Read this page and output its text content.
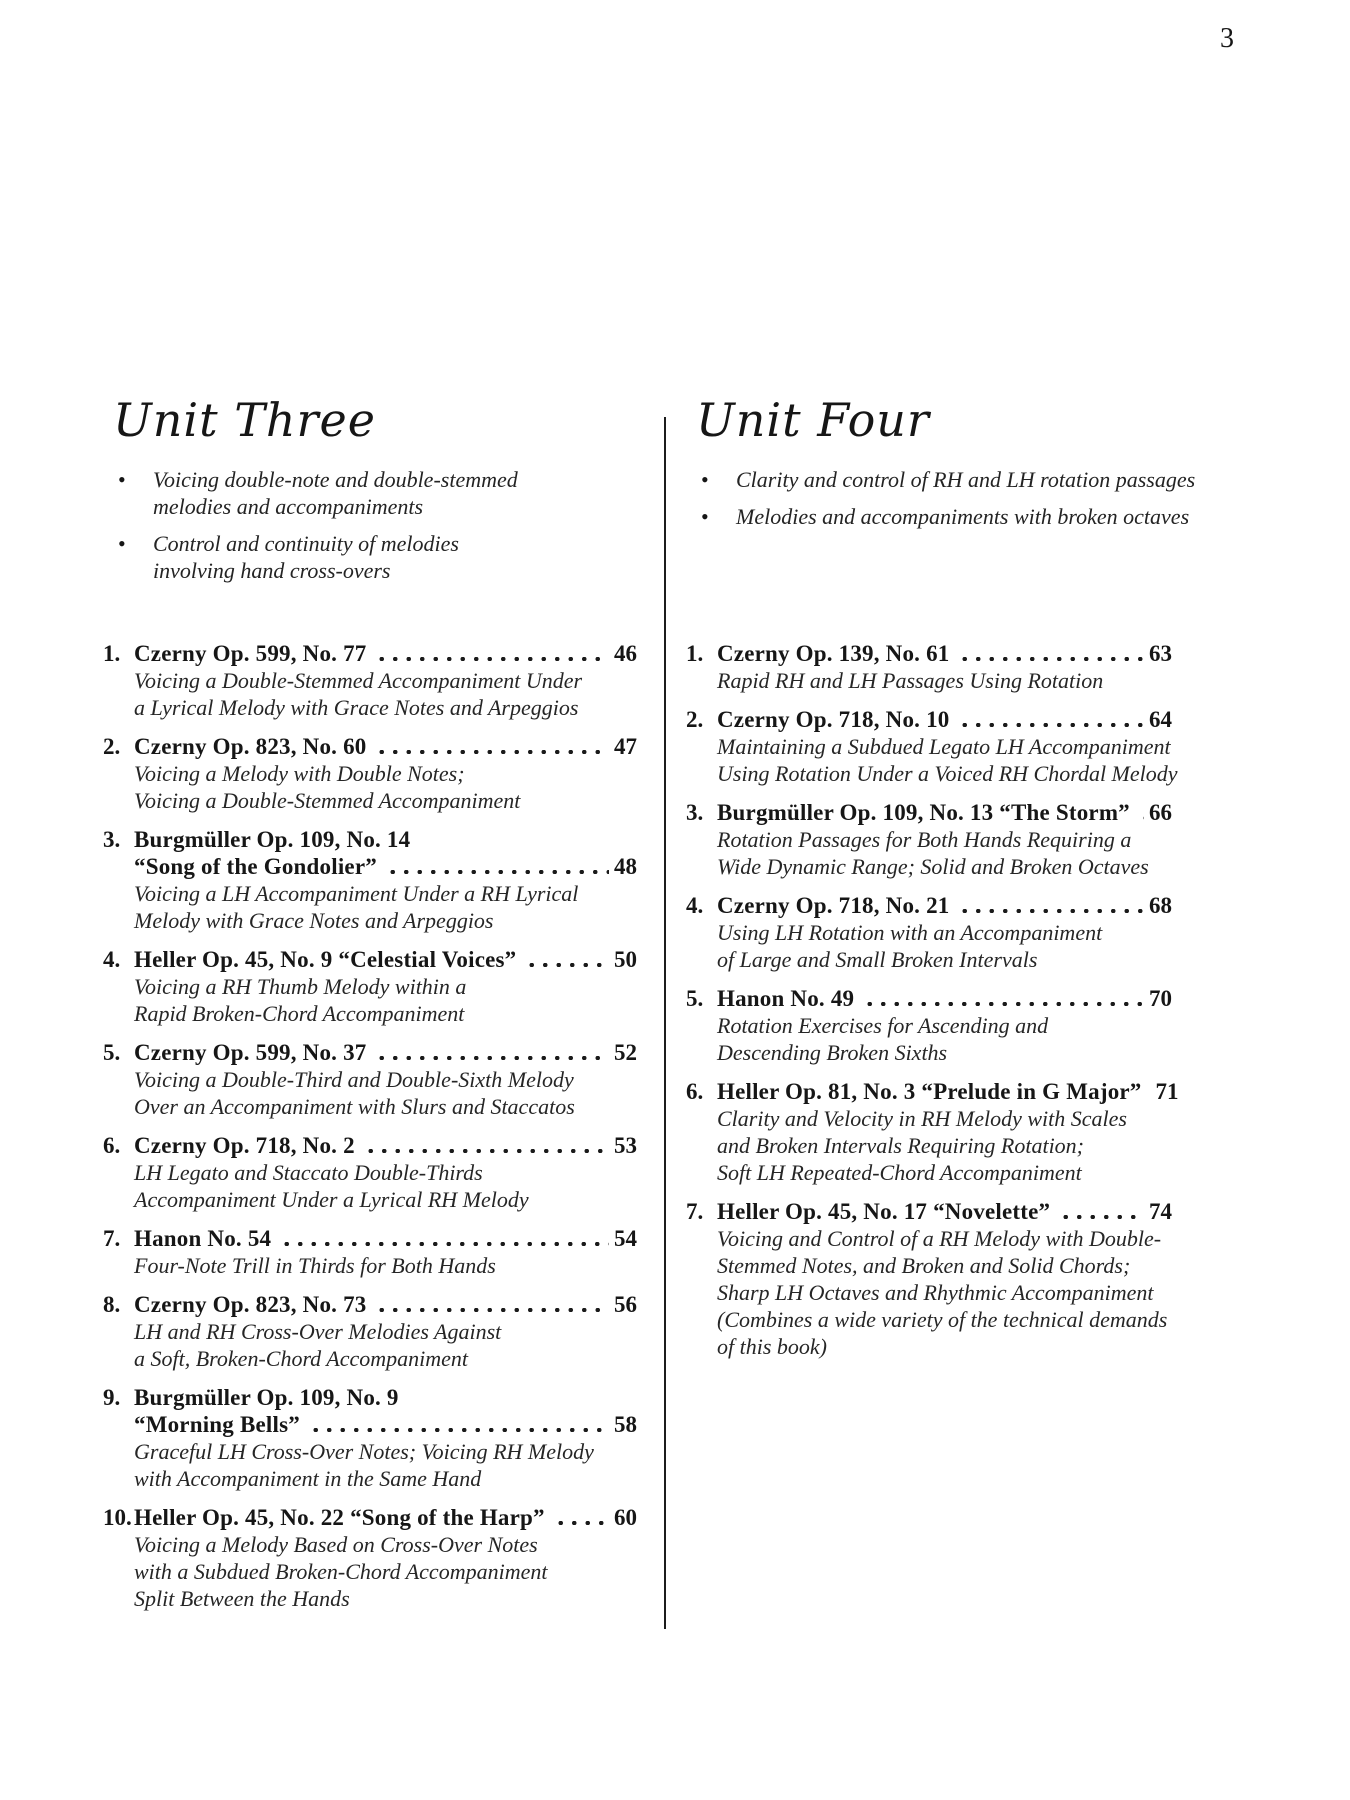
3
Unit Three
•	Voicing double-note and double-stemmed
melodies and accompaniments
•	Control and continuity of melodies
involving hand cross-overs
1. Czerny Op. 599, No. 77	46
Voicing a Double-Stemmed Accompaniment Under
a Lyrical Melody with Grace Notes and Arpeggios
2. Czerny Op. 823, No. 60	47
Voicing a Melody with Double Notes;
Voicing a Double-Stemmed Accompaniment
3. Burgmüller Op. 109, No. 14
“Song of the Gondolier”	48
Voicing a LH Accompaniment Under a RH Lyrical
Melody with Grace Notes and Arpeggios
4. Heller Op. 45, No. 9 “Celestial Voices”	50
Voicing a RH Thumb Melody within a
Rapid Broken-Chord Accompaniment
5. Czerny Op. 599, No. 37	52
Voicing a Double-Third and Double-Sixth Melody
Over an Accompaniment with Slurs and Staccatos
6. Czerny Op. 718, No. 2	53
LH Legato and Staccato Double-Thirds
Accompaniment Under a Lyrical RH Melody
7. Hanon No. 54	54
Four-Note Trill in Thirds for Both Hands
8. Czerny Op. 823, No. 73	56
LH and RH Cross-Over Melodies Against
a Soft, Broken-Chord Accompaniment
9. Burgmüller Op. 109, No. 9
“Morning Bells”	58
Graceful LH Cross-Over Notes; Voicing RH Melody
with Accompaniment in the Same Hand
10. Heller Op. 45, No. 22 “Song of the Harp”	60
Voicing a Melody Based on Cross-Over Notes
with a Subdued Broken-Chord Accompaniment
Split Between the Hands
Unit Four
•	Clarity and control of RH and LH rotation passages
•	Melodies and accompaniments with broken octaves
1. Czerny Op. 139, No. 61	63
Rapid RH and LH Passages Using Rotation
2. Czerny Op. 718, No. 10	64
Maintaining a Subdued Legato LH Accompaniment
Using Rotation Under a Voiced RH Chordal Melody
3. Burgmüller Op. 109, No. 13 “The Storm” 66
Rotation Passages for Both Hands Requiring a
Wide Dynamic Range; Solid and Broken Octaves
4. Czerny Op. 718, No. 21	68
Using LH Rotation with an Accompaniment
of Large and Small Broken Intervals
5. Hanon No. 49	70
Rotation Exercises for Ascending and
Descending Broken Sixths
6. Heller Op. 81, No. 3 “Prelude in G Major” 71
Clarity and Velocity in RH Melody with Scales
and Broken Intervals Requiring Rotation;
Soft LH Repeated-Chord Accompaniment
7. Heller Op. 45, No. 17 “Novelette”	74
Voicing and Control of a RH Melody with Double-
Stemmed Notes, and Broken and Solid Chords;
Sharp LH Octaves and Rhythmic Accompaniment
(Combines a wide variety of the technical demands
of this book)
